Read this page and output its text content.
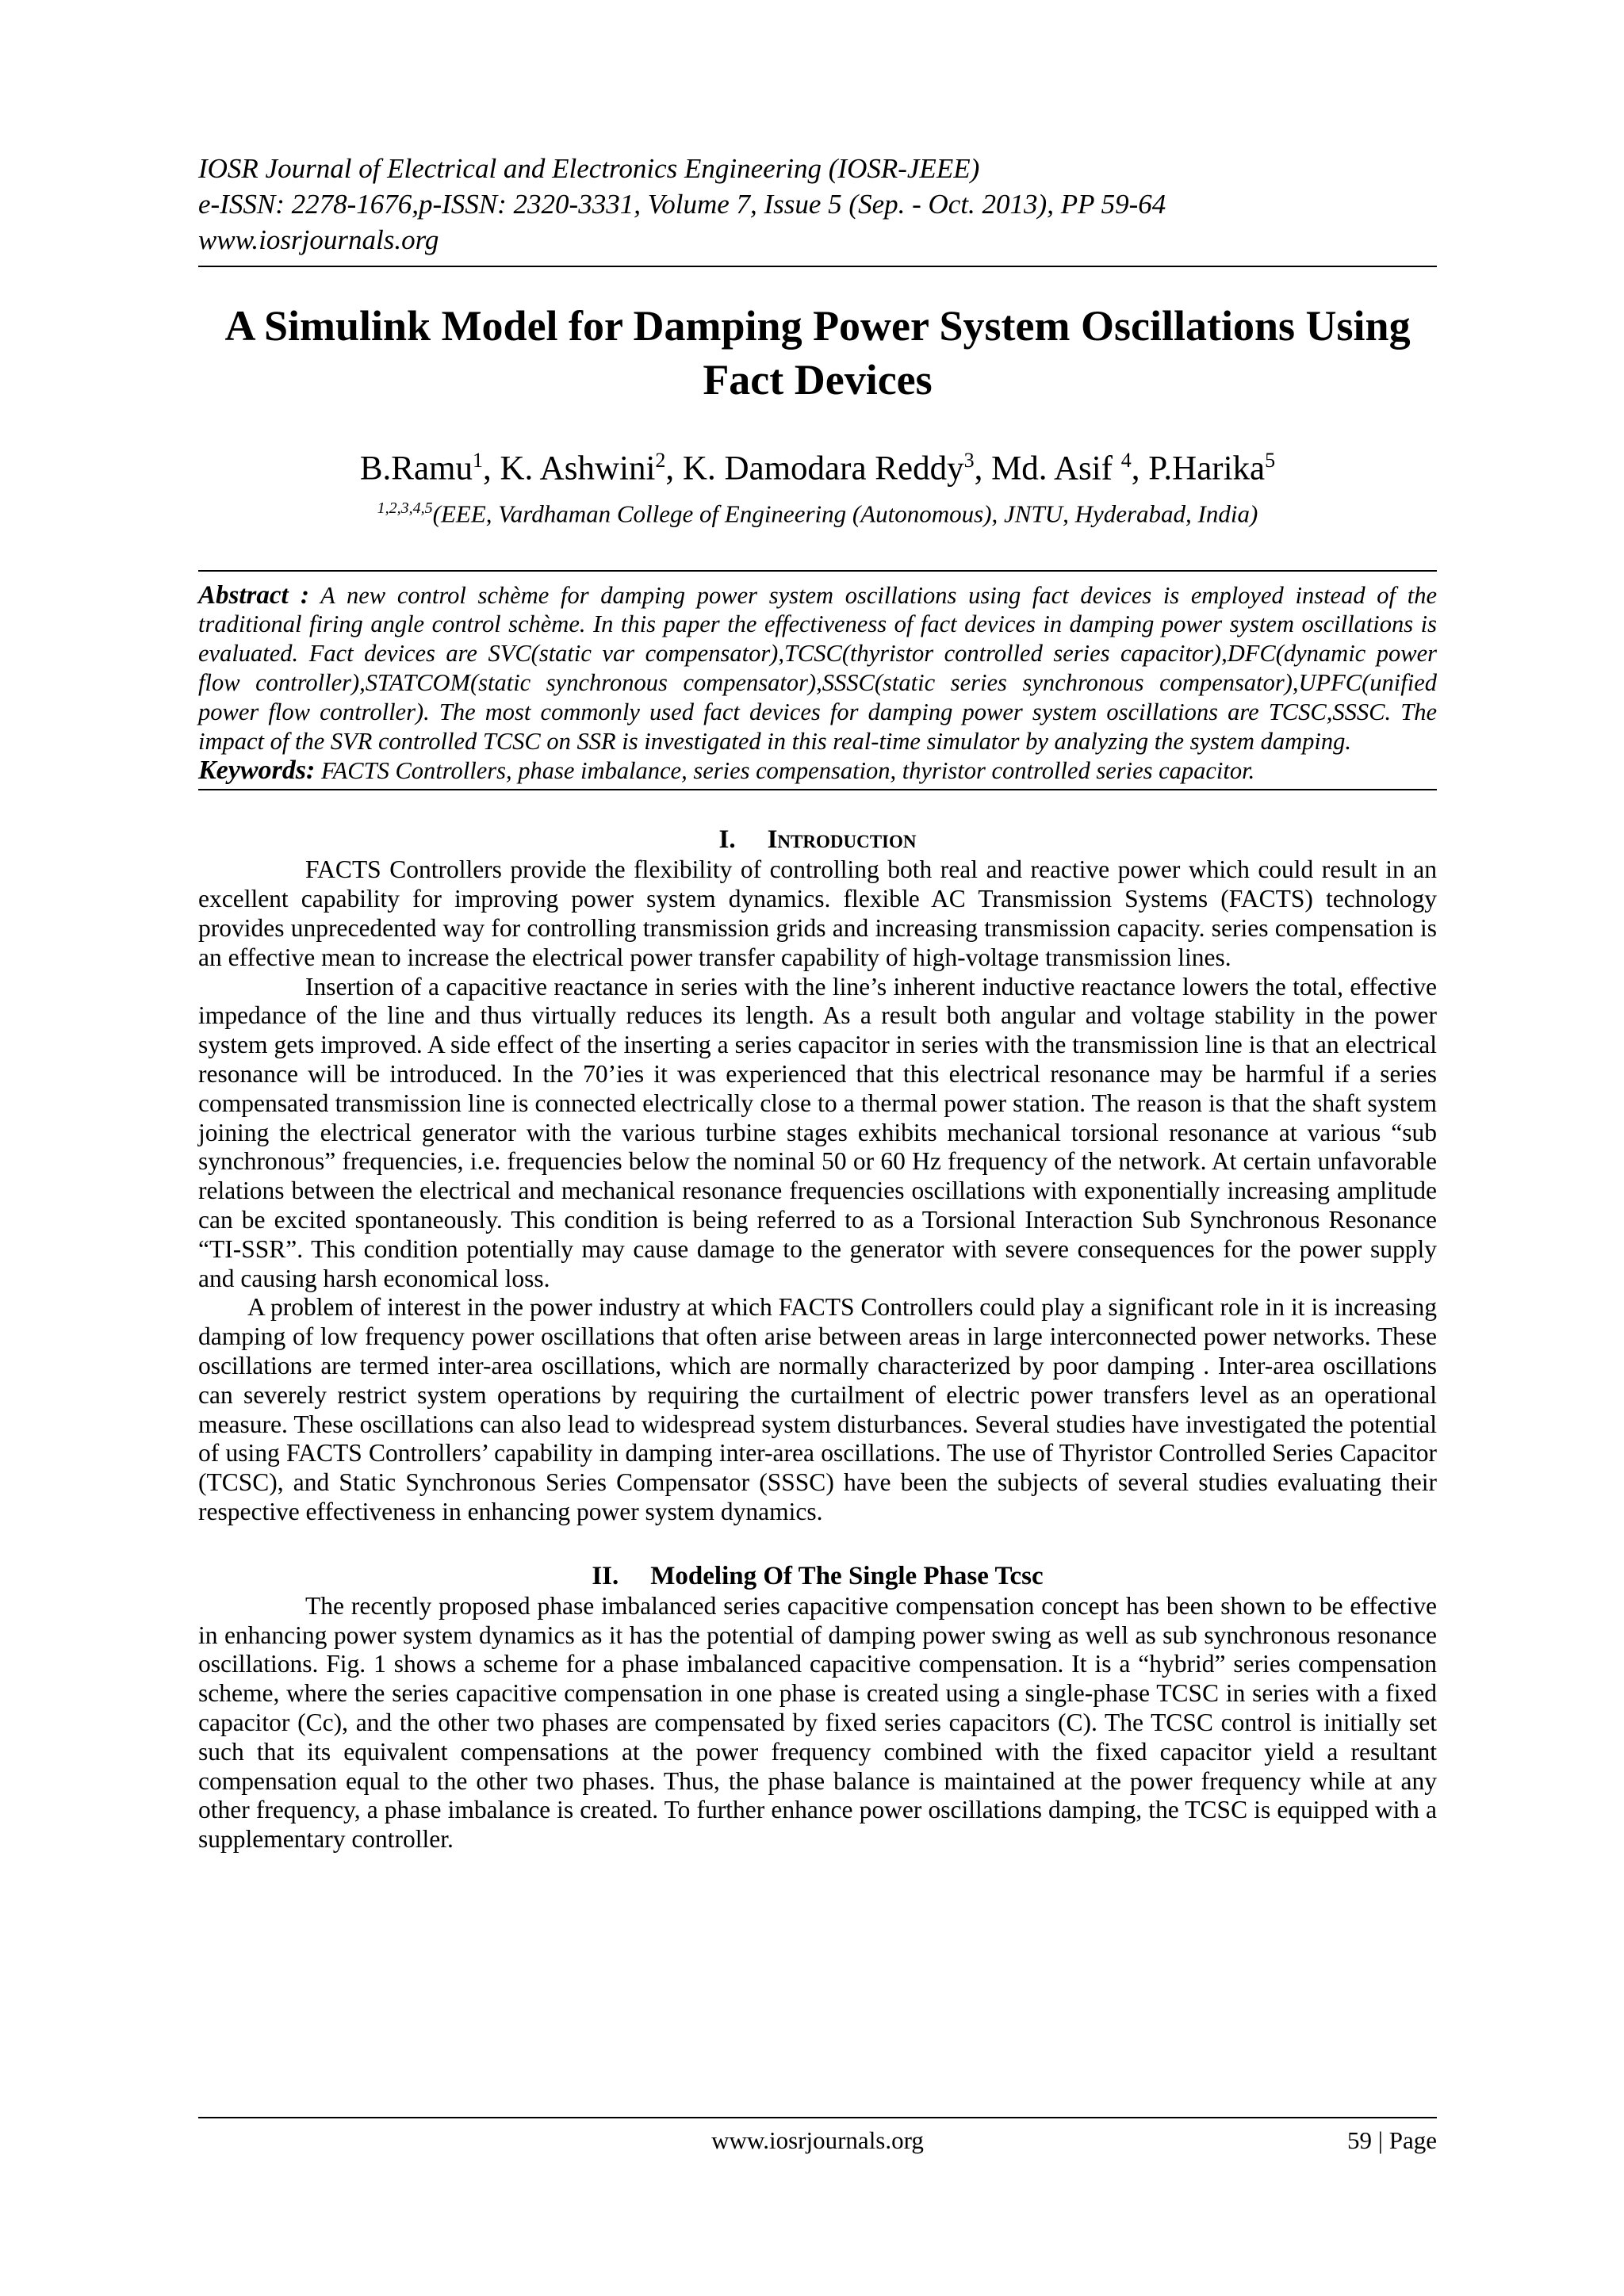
IOSR Journal of Electrical and Electronics Engineering (IOSR-JEEE)
e-ISSN: 2278-1676,p-ISSN: 2320-3331, Volume 7, Issue 5 (Sep. - Oct. 2013), PP 59-64
www.iosrjournals.org
A Simulink Model for Damping Power System Oscillations Using
Fact Devices
B.Ramu$^1$, K. Ashwini$^2$, K. Damodara Reddy$^3$, Md. Asif $^4$, P.Harika$^5$
$^{1,2,3,4,5}$(EEE, Vardhaman College of Engineering (Autonomous), JNTU, Hyderabad, India)

Abstract : A new control schème for damping power system oscillations using fact devices is employed instead of the traditional firing angle control schème. In this paper the effectiveness of fact devices in damping power system oscillations is evaluated. Fact devices are SVC(static var compensator),TCSC(thyristor controlled series capacitor),DFC(dynamic power flow controller),STATCOM(static synchronous compensator),SSSC(static series synchronous compensator),UPFC(unified power flow controller). The most commonly used fact devices for damping power system oscillations are TCSC,SSSC. The impact of the SVR controlled TCSC on SSR is investigated in this real-time simulator by analyzing the system damping.

Keywords: FACTS Controllers, phase imbalance, series compensation, thyristor controlled series capacitor.

I. Introduction

FACTS Controllers provide the flexibility of controlling both real and reactive power which could result in an excellent capability for improving power system dynamics. flexible AC Transmission Systems (FACTS) technology provides unprecedented way for controlling transmission grids and increasing transmission capacity. series compensation is an effective mean to increase the electrical power transfer capability of high-voltage transmission lines.

Insertion of a capacitive reactance in series with the line’s inherent inductive reactance lowers the total, effective impedance of the line and thus virtually reduces its length. As a result both angular and voltage stability in the power system gets improved. A side effect of the inserting a series capacitor in series with the transmission line is that an electrical resonance will be introduced. In the 70’ies it was experienced that this electrical resonance may be harmful if a series compensated transmission line is connected electrically close to a thermal power station. The reason is that the shaft system joining the electrical generator with the various turbine stages exhibits mechanical torsional resonance at various “sub synchronous” frequencies, i.e. frequencies below the nominal 50 or 60 Hz frequency of the network. At certain unfavorable relations between the electrical and mechanical resonance frequencies oscillations with exponentially increasing amplitude can be excited spontaneously. This condition is being referred to as a Torsional Interaction Sub Synchronous Resonance “TI-SSR”. This condition potentially may cause damage to the generator with severe consequences for the power supply and causing harsh economical loss.

A problem of interest in the power industry at which FACTS Controllers could play a significant role in it is increasing damping of low frequency power oscillations that often arise between areas in large interconnected power networks. These oscillations are termed inter-area oscillations, which are normally characterized by poor damping . Inter-area oscillations can severely restrict system operations by requiring the curtailment of electric power transfers level as an operational measure. These oscillations can also lead to widespread system disturbances. Several studies have investigated the potential of using FACTS Controllers’ capability in damping inter-area oscillations. The use of Thyristor Controlled Series Capacitor (TCSC), and Static Synchronous Series Compensator (SSSC) have been the subjects of several studies evaluating their respective effectiveness in enhancing power system dynamics.

II. Modeling Of The Single Phase Tcsc

The recently proposed phase imbalanced series capacitive compensation concept has been shown to be effective in enhancing power system dynamics as it has the potential of damping power swing as well as sub synchronous resonance oscillations. Fig. 1 shows a scheme for a phase imbalanced capacitive compensation. It is a “hybrid” series compensation scheme, where the series capacitive compensation in one phase is created using a single-phase TCSC in series with a fixed capacitor (Cc), and the other two phases are compensated by fixed series capacitors (C). The TCSC control is initially set such that its equivalent compensations at the power frequency combined with the fixed capacitor yield a resultant compensation equal to the other two phases. Thus, the phase balance is maintained at the power frequency while at any other frequency, a phase imbalance is created. To further enhance power oscillations damping, the TCSC is equipped with a supplementary controller.

www.iosrjournals.org	59 | Page
